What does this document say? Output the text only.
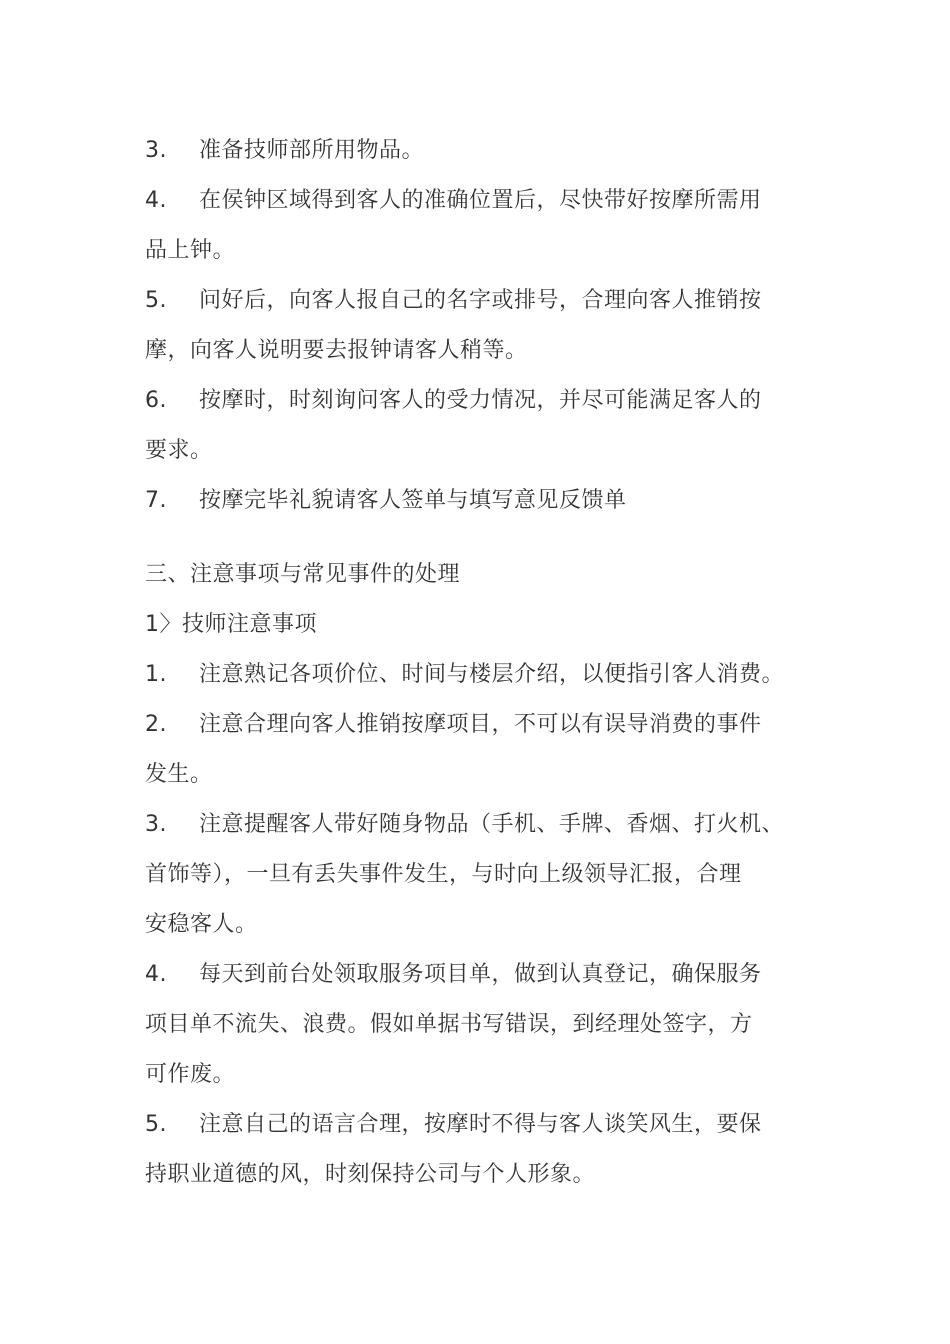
3. 准备技师部所用物品。
4. 在侯钟区域得到客人的准确位置后，尽快带好按摩所需用
品上钟。
5. 问好后，向客人报自己的名字或排号，合理向客人推销按
摩，向客人说明要去报钟请客人稍等。
6. 按摩时，时刻询问客人的受力情况，并尽可能满足客人的
要求。
7. 按摩完毕礼貌请客人签单与填写意见反馈单
三、注意事项与常见事件的处理
1〉技师注意事项
1. 注意熟记各项价位、时间与楼层介绍，以便指引客人消费。
2. 注意合理向客人推销按摩项目，不可以有误导消费的事件
发生。
3. 注意提醒客人带好随身物品（手机、手牌、香烟、打火机、
首饰等），一旦有丢失事件发生，与时向上级领导汇报，合理
安稳客人。
4. 每天到前台处领取服务项目单，做到认真登记，确保服务
项目单不流失、浪费。假如单据书写错误，到经理处签字，方
可作废。
5. 注意自己的语言合理，按摩时不得与客人谈笑风生，要保
持职业道德的风，时刻保持公司与个人形象。
